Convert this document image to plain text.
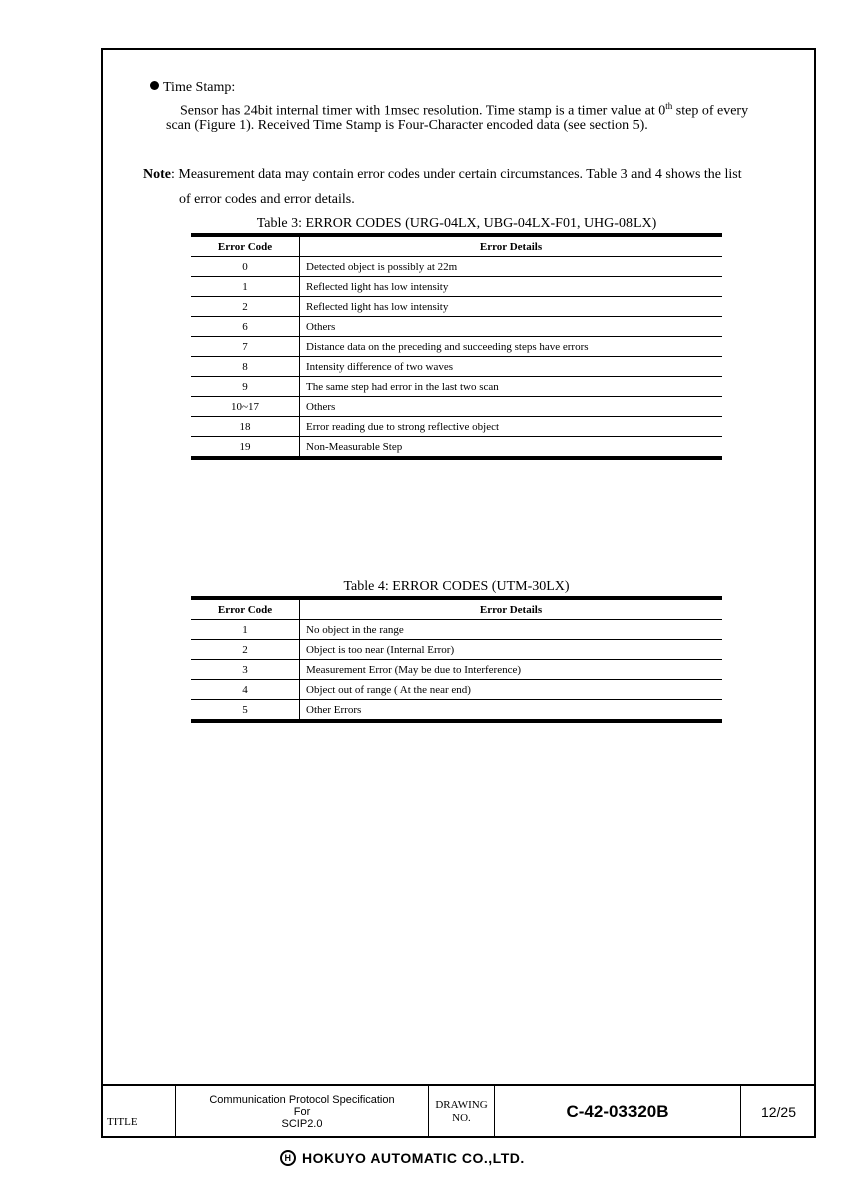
Time Stamp:
Sensor has 24bit internal timer with 1msec resolution. Time stamp is a timer value at 0th step of every
scan (Figure 1). Received Time Stamp is Four-Character encoded data (see section 5).
Note: Measurement data may contain error codes under certain circumstances. Table 3 and 4 shows the list
of error codes and error details.
Table 3: ERROR CODES (URG-04LX, UBG-04LX-F01, UHG-08LX)
Error Code	Error Details
0	Detected object is possibly at 22m
1	Reflected light has low intensity
2	Reflected light has low intensity
6	Others
7	Distance data on the preceding and succeeding steps have errors
8	Intensity difference of two waves
9	The same step had error in the last two scan
10~17	Others
18	Error reading due to strong reflective object
19	Non-Measurable Step
Table 4: ERROR CODES (UTM-30LX)
Error Code	Error Details
1	No object in the range
2	Object is too near (Internal Error)
3	Measurement Error (May be due to Interference)
4	Object out of range ( At the near end)
5	Other Errors
TITLE
Communication Protocol Specification
For
SCIP2.0
DRAWING
NO.	C-42-03320B	12/25
H HOKUYO AUTOMATIC CO.,LTD.
